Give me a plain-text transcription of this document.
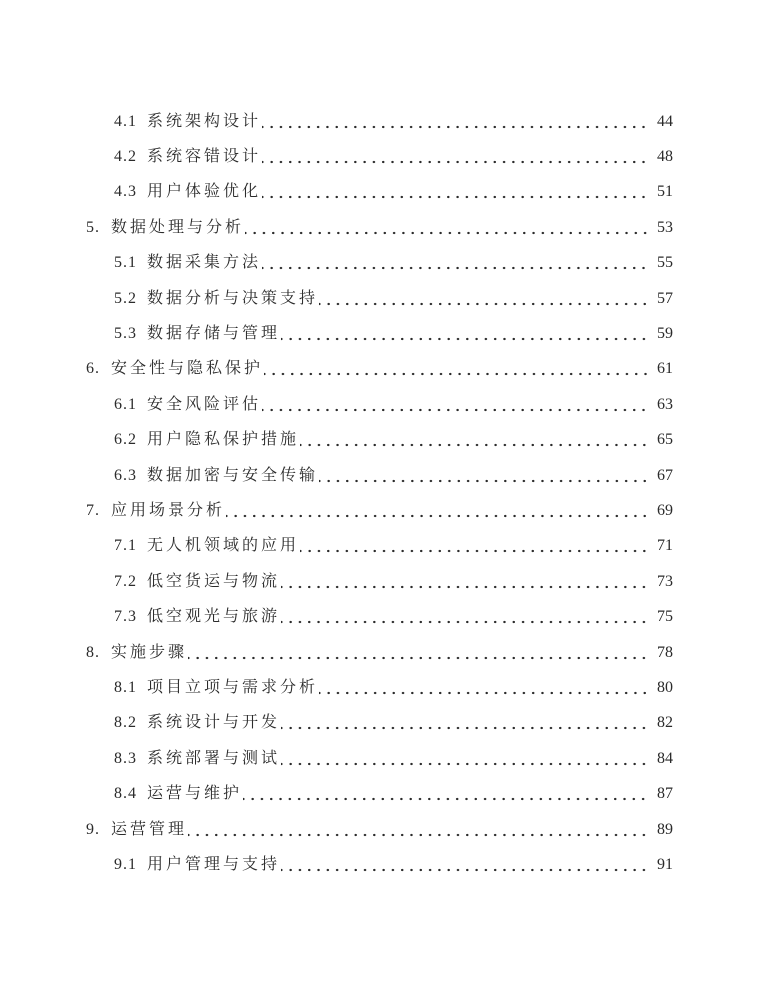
4.1 系统架构设计	44
4.2 系统容错设计	48
4.3 用户体验优化	51
5. 数据处理与分析	53
5.1 数据采集方法	55
5.2 数据分析与决策支持	57
5.3 数据存储与管理	59
6. 安全性与隐私保护	61
6.1 安全风险评估	63
6.2 用户隐私保护措施	65
6.3 数据加密与安全传输	67
7. 应用场景分析	69
7.1 无人机领域的应用	71
7.2 低空货运与物流	73
7.3 低空观光与旅游	75
8. 实施步骤	78
8.1 项目立项与需求分析	80
8.2 系统设计与开发	82
8.3 系统部署与测试	84
8.4 运营与维护	87
9. 运营管理	89
9.1 用户管理与支持	91
